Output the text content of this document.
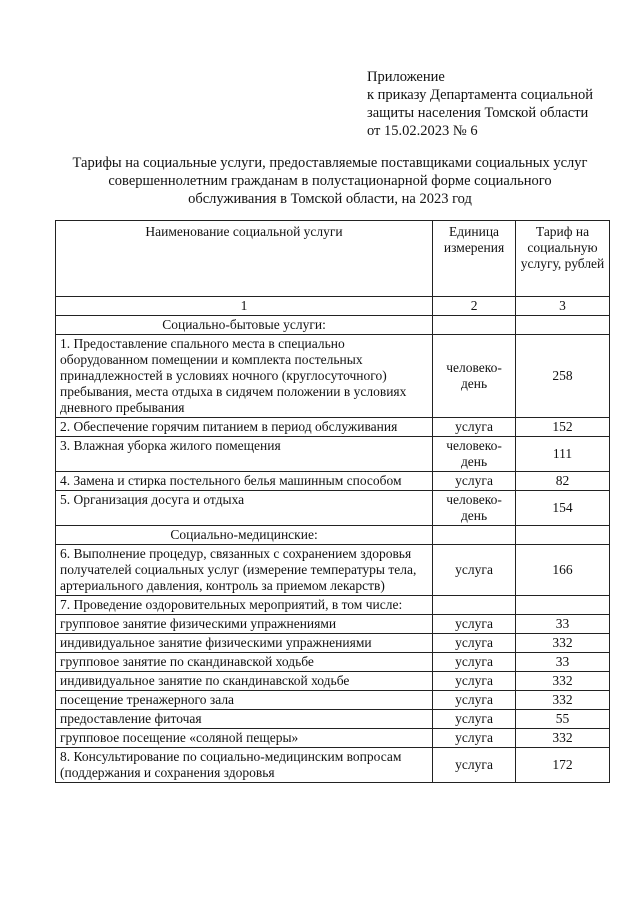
Приложение
к приказу Департамента социальной
защиты населения Томской области
от 15.02.2023 № 6
Тарифы на социальные услуги, предоставляемые поставщиками социальных услуг
совершеннолетним гражданам в полустационарной форме социального
обслуживания в Томской области, на 2023 год
Наименование социальной услуги	Единица измерения	Тариф на социальную услугу, рублей
1	2	3
Социально-бытовые услуги:		
1. Предоставление спального места в специально оборудованном помещении и комплекта постельных принадлежностей в условиях ночного (круглосуточного) пребывания, места отдыха в сидячем положении в условиях дневного пребывания	человеко-день	258
2. Обеспечение горячим питанием в период обслуживания	услуга	152
3. Влажная уборка жилого помещения	человеко-день	111
4. Замена и стирка постельного белья машинным способом	услуга	82
5. Организация досуга и отдыха	человеко-день	154
Социально-медицинские:		
6. Выполнение процедур, связанных с сохранением здоровья получателей социальных услуг (измерение температуры тела, артериального давления, контроль за приемом лекарств)	услуга	166
7. Проведение оздоровительных мероприятий, в том числе:		
групповое занятие физическими упражнениями	услуга	33
индивидуальное занятие физическими упражнениями	услуга	332
групповое занятие по скандинавской ходьбе	услуга	33
индивидуальное занятие по скандинавской ходьбе	услуга	332
посещение тренажерного зала	услуга	332
предоставление фиточая	услуга	55
групповое посещение «соляной пещеры»	услуга	332
8. Консультирование по социально-медицинским вопросам (поддержания и сохранения здоровья	услуга	172
